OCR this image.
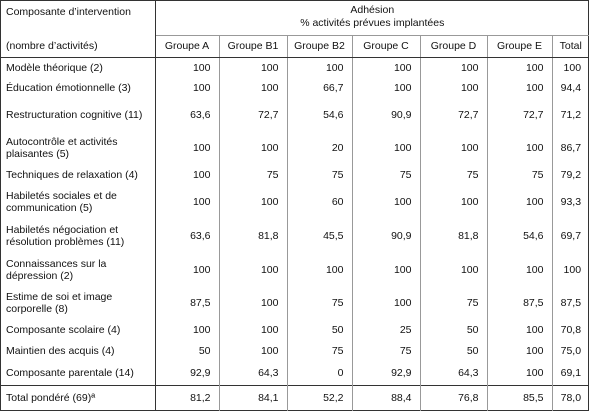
Composante d’intervention	Adhésion
% activités prévues implantées						

(nombre d’activités)	Groupe A	Groupe B1	Groupe B2	Groupe C	Groupe D	Groupe E	Total
Modèle théorique (2)	100	100	100	100	100	100	100
Éducation émotionnelle (3)	100	100	66,7	100	100	100	94,4
Restructuration cognitive (11)	63,6	72,7	54,6	90,9	72,7	72,7	71,2
Autocontrôle et activités plaisantes (5)	100	100	20	100	100	100	86,7
Techniques de relaxation (4)	100	75	75	75	75	75	79,2
Habiletés sociales et de communication (5)	100	100	60	100	100	100	93,3
Habiletés négociation et résolution problèmes (11)	63,6	81,8	45,5	90,9	81,8	54,6	69,7
Connaissances sur la dépression (2)	100	100	100	100	100	100	100
Estime de soi et image corporelle (8)	87,5	100	75	100	75	87,5	87,5
Composante scolaire (4)	100	100	50	25	50	100	70,8
Maintien des acquis (4)	50	100	75	75	50	100	75,0
Composante parentale (14)	92,9	64,3	0	92,9	64,3	100	69,1
Total pondéré (69)ª	81,2	84,1	52,2	88,4	76,8	85,5	78,0
